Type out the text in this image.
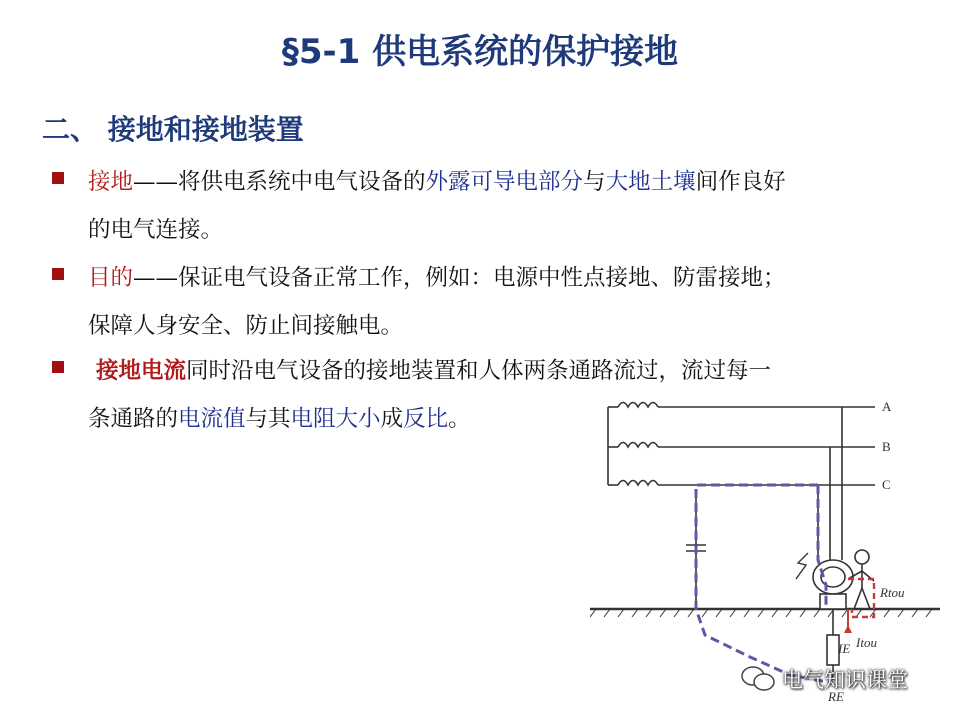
§5-1 供电系统的保护接地
二、 接地和接地装置
接地——将供电系统中电气设备的外露可导电部分与大地土壤间作良好
的电气连接。
目的——保证电气设备正常工作，例如：电源中性点接地、防雷接地；
保障人身安全、防止间接触电。
接地电流同时沿电气设备的接地装置和人体两条通路流过，流过每一
条通路的电流值与其电阻大小成反比。	A
B
C
Rtou
Itou
IE
RE
电气知识课堂
